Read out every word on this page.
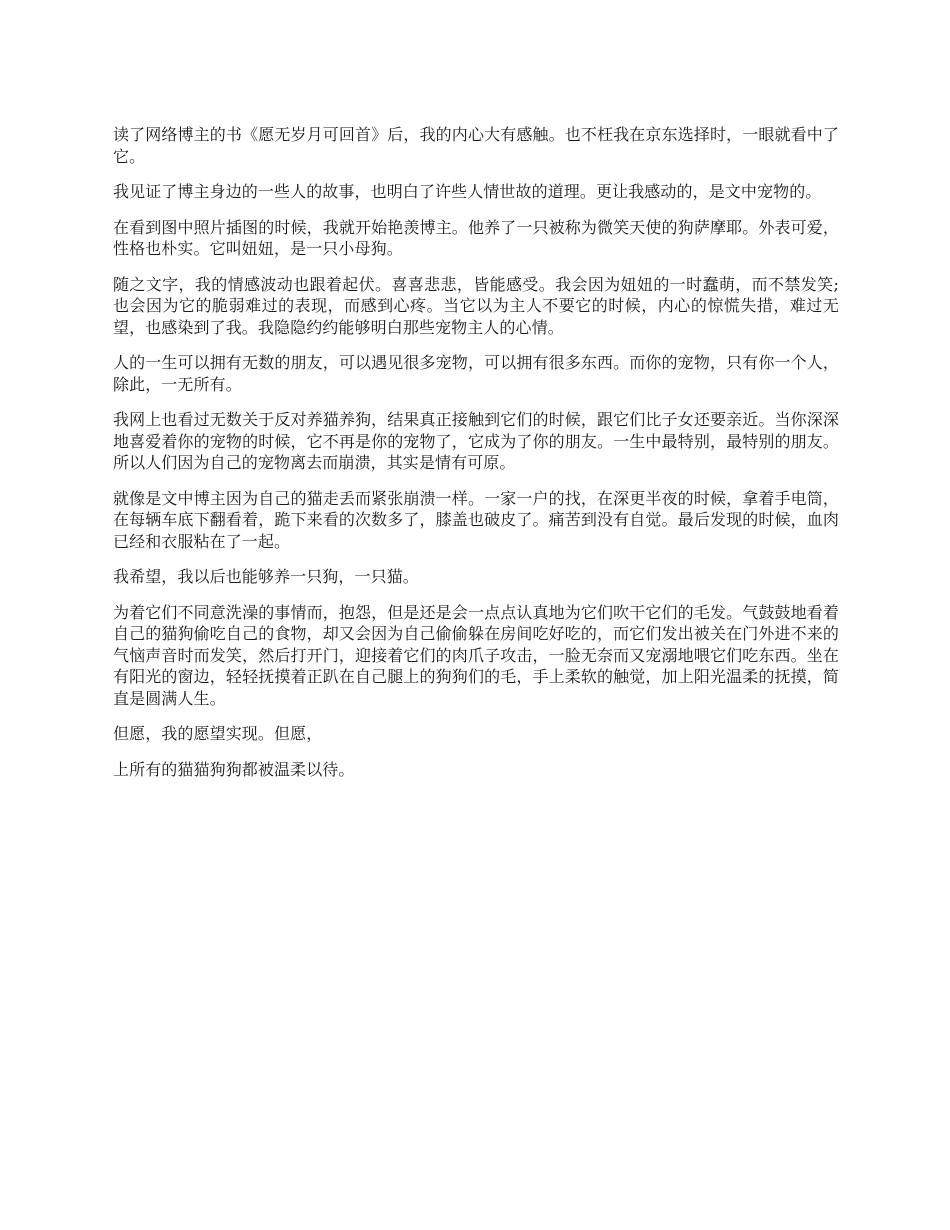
读了网络博主的书《愿无岁月可回首》后，我的内心大有感触。也不枉我在京东选择时，一眼就看中了它。

我见证了博主身边的一些人的故事，也明白了许些人情世故的道理。更让我感动的，是文中宠物的。

在看到图中照片插图的时候，我就开始艳羡博主。他养了一只被称为微笑天使的狗萨摩耶。外表可爱，性格也朴实。它叫妞妞，是一只小母狗。

随之文字，我的情感波动也跟着起伏。喜喜悲悲，皆能感受。我会因为妞妞的一时蠢萌，而不禁发笑;也会因为它的脆弱难过的表现，而感到心疼。当它以为主人不要它的时候，内心的惊慌失措，难过无望，也感染到了我。我隐隐约约能够明白那些宠物主人的心情。

人的一生可以拥有无数的朋友，可以遇见很多宠物，可以拥有很多东西。而你的宠物，只有你一个人，除此，一无所有。

我网上也看过无数关于反对养猫养狗，结果真正接触到它们的时候，跟它们比子女还要亲近。当你深深地喜爱着你的宠物的时候，它不再是你的宠物了，它成为了你的朋友。一生中最特别，最特别的朋友。所以人们因为自己的宠物离去而崩溃，其实是情有可原。

就像是文中博主因为自己的猫走丢而紧张崩溃一样。一家一户的找，在深更半夜的时候，拿着手电筒，在每辆车底下翻看着，跪下来看的次数多了，膝盖也破皮了。痛苦到没有自觉。最后发现的时候，血肉已经和衣服粘在了一起。

我希望，我以后也能够养一只狗，一只猫。

为着它们不同意洗澡的事情而，抱怨，但是还是会一点点认真地为它们吹干它们的毛发。气鼓鼓地看着自己的猫狗偷吃自己的食物，却又会因为自己偷偷躲在房间吃好吃的，而它们发出被关在门外进不来的气恼声音时而发笑，然后打开门，迎接着它们的肉爪子攻击，一脸无奈而又宠溺地喂它们吃东西。坐在有阳光的窗边，轻轻抚摸着正趴在自己腿上的狗狗们的毛，手上柔软的触觉，加上阳光温柔的抚摸，简直是圆满人生。

但愿，我的愿望实现。但愿，

上所有的猫猫狗狗都被温柔以待。
